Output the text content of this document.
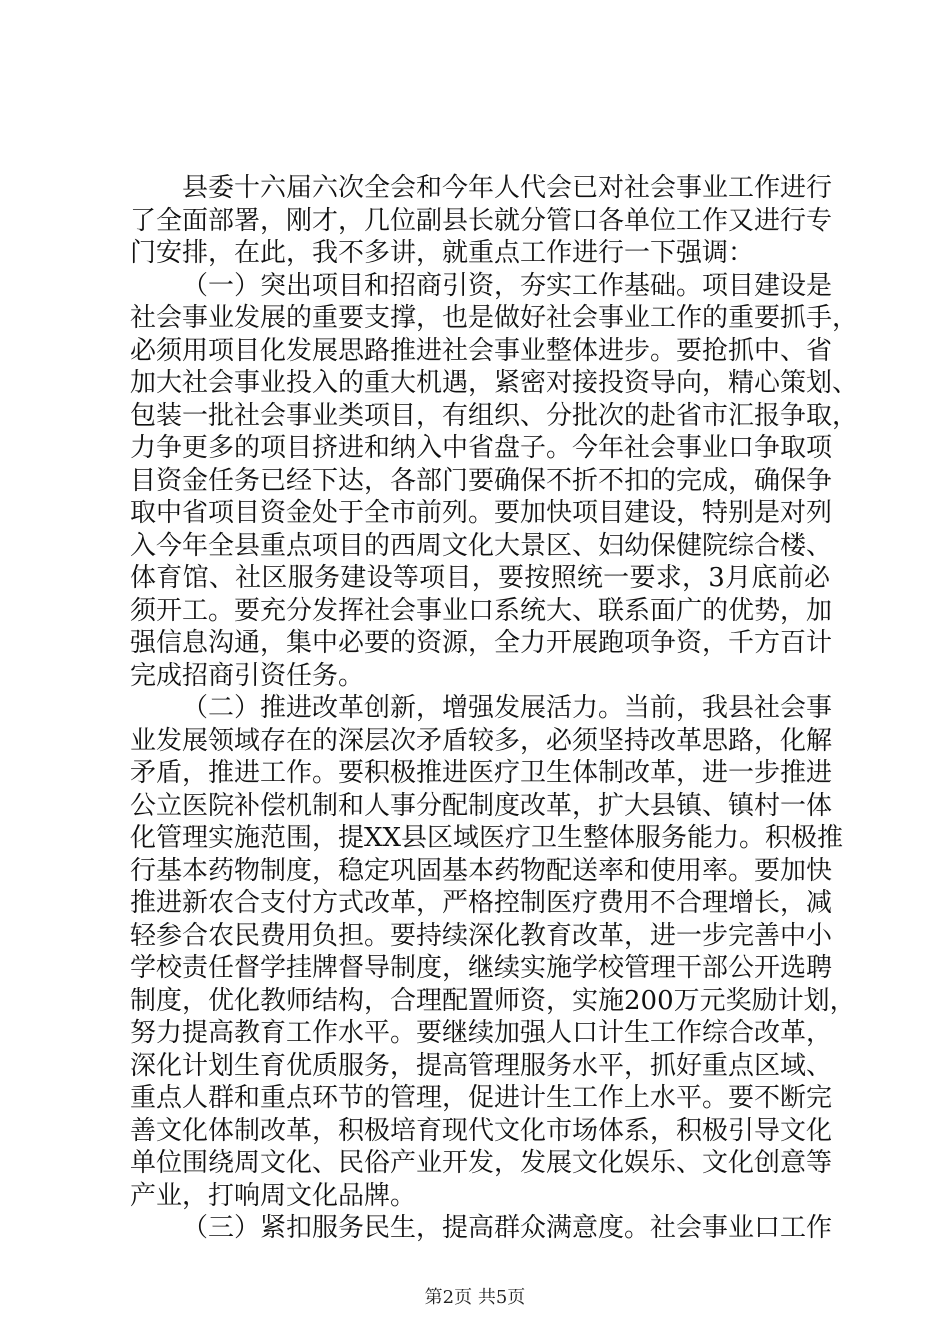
县委十六届六次全会和今年人代会已对社会事业工作进行
了全面部署，刚才，几位副县长就分管口各单位工作又进行专
门安排，在此，我不多讲，就重点工作进行一下强调：
（一）突出项目和招商引资，夯实工作基础。项目建设是
社会事业发展的重要支撑，也是做好社会事业工作的重要抓手，
必须用项目化发展思路推进社会事业整体进步。要抢抓中、省
加大社会事业投入的重大机遇，紧密对接投资导向，精心策划、
包装一批社会事业类项目，有组织、分批次的赴省市汇报争取，
力争更多的项目挤进和纳入中省盘子。今年社会事业口争取项
目资金任务已经下达，各部门要确保不折不扣的完成，确保争
取中省项目资金处于全市前列。要加快项目建设，特别是对列
入今年全县重点项目的西周文化大景区、妇幼保健院综合楼、
体育馆、社区服务建设等项目，要按照统一要求，3月底前必
须开工。要充分发挥社会事业口系统大、联系面广的优势，加
强信息沟通，集中必要的资源，全力开展跑项争资，千方百计
完成招商引资任务。
（二）推进改革创新，增强发展活力。当前，我县社会事
业发展领域存在的深层次矛盾较多，必须坚持改革思路，化解
矛盾，推进工作。要积极推进医疗卫生体制改革，进一步推进
公立医院补偿机制和人事分配制度改革，扩大县镇、镇村一体
化管理实施范围，提XX县区域医疗卫生整体服务能力。积极推
行基本药物制度，稳定巩固基本药物配送率和使用率。要加快
推进新农合支付方式改革，严格控制医疗费用不合理增长，减
轻参合农民费用负担。要持续深化教育改革，进一步完善中小
学校责任督学挂牌督导制度，继续实施学校管理干部公开选聘
制度，优化教师结构，合理配置师资，实施200万元奖励计划，
努力提高教育工作水平。要继续加强人口计生工作综合改革，
深化计划生育优质服务，提高管理服务水平，抓好重点区域、
重点人群和重点环节的管理，促进计生工作上水平。要不断完
善文化体制改革，积极培育现代文化市场体系，积极引导文化
单位围绕周文化、民俗产业开发，发展文化娱乐、文化创意等
产业，打响周文化品牌。
（三）紧扣服务民生，提高群众满意度。社会事业口工作
第2页 共5页
